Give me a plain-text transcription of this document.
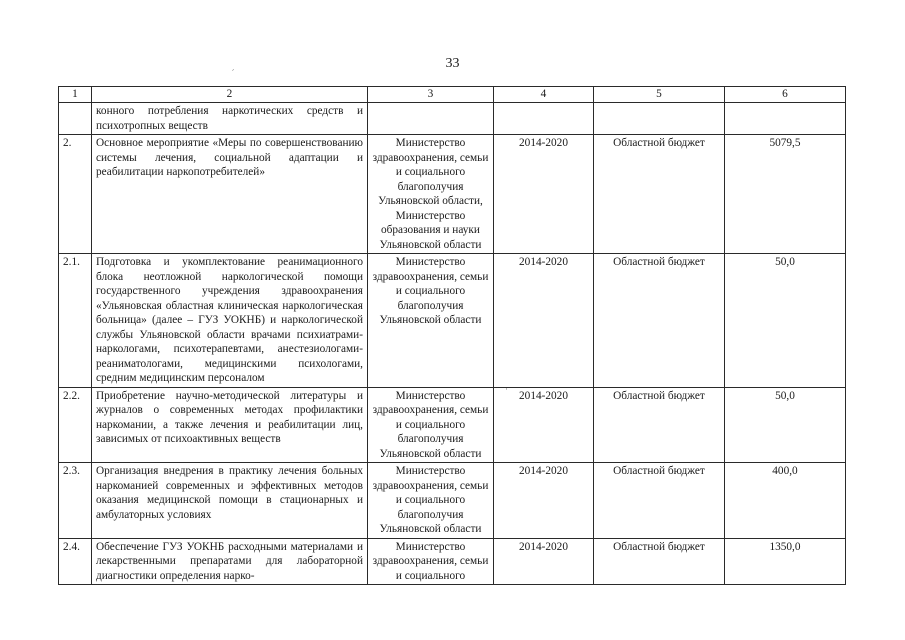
33
׳
·
1	2	3	4	5	6
	конного потребления наркотических средств и психотропных веществ				
2.	Основное мероприятие «Меры по совершенствованию системы лечения, социальной адаптации и реабилитации наркопотребителей»	Министерство здравоохранения, семьи и социального благополучия Ульяновской области, Министерство образования и науки Ульяновской области	2014-2020	Областной бюджет	5079,5
2.1.	Подготовка и укомплектование реанимационного блока неотложной наркологической помощи государственного учреждения здравоохранения «Ульяновская областная клиническая наркологическая больница» (далее – ГУЗ УОКНБ) и наркологической службы Ульяновской области врачами психиатрами-наркологами, психотерапевтами, анестезиологами-реаниматологами, медицинскими психологами, средним медицинским персоналом	Министерство здравоохранения, семьи и социального благополучия Ульяновской области	2014-2020	Областной бюджет	50,0
2.2.	Приобретение научно-методической литературы и журналов о современных методах профилактики наркомании, а также лечения и реабилитации лиц, зависимых от психоактивных веществ	Министерство здравоохранения, семьи и социального благополучия Ульяновской области	2014-2020	Областной бюджет	50,0
2.3.	Организация внедрения в практику лечения больных наркоманией современных и эффективных методов оказания медицинской помощи в стационарных и амбулаторных условиях	Министерство здравоохранения, семьи и социального благополучия Ульяновской области	2014-2020	Областной бюджет	400,0
2.4.	Обеспечение ГУЗ УОКНБ расходными материалами и лекарственными препаратами для лабораторной диагностики определения нарко-	Министерство здравоохранения, семьи и социального	2014-2020	Областной бюджет	1350,0
